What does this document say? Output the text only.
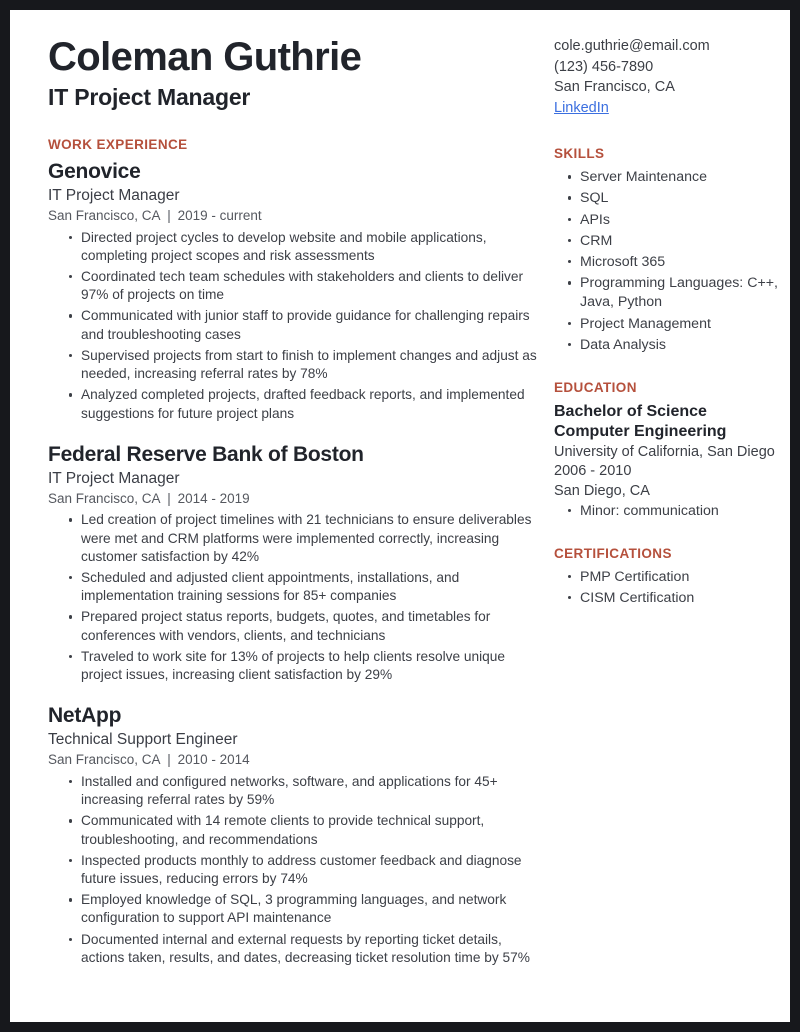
Coleman Guthrie
IT Project Manager
WORK EXPERIENCE
Genovice
IT Project Manager
San Francisco, CA | 2019 - current
Directed project cycles to develop website and mobile applications, completing project scopes and risk assessments
Coordinated tech team schedules with stakeholders and clients to deliver 97% of projects on time
Communicated with junior staff to provide guidance for challenging repairs and troubleshooting cases
Supervised projects from start to finish to implement changes and adjust as needed, increasing referral rates by 78%
Analyzed completed projects, drafted feedback reports, and implemented suggestions for future project plans
Federal Reserve Bank of Boston
IT Project Manager
San Francisco, CA | 2014 - 2019
Led creation of project timelines with 21 technicians to ensure deliverables were met and CRM platforms were implemented correctly, increasing customer satisfaction by 42%
Scheduled and adjusted client appointments, installations, and implementation training sessions for 85+ companies
Prepared project status reports, budgets, quotes, and timetables for conferences with vendors, clients, and technicians
Traveled to work site for 13% of projects to help clients resolve unique project issues, increasing client satisfaction by 29%
NetApp
Technical Support Engineer
San Francisco, CA | 2010 - 2014
Installed and configured networks, software, and applications for 45+ increasing referral rates by 59%
Communicated with 14 remote clients to provide technical support, troubleshooting, and recommendations
Inspected products monthly to address customer feedback and diagnose future issues, reducing errors by 74%
Employed knowledge of SQL, 3 programming languages, and network configuration to support API maintenance
Documented internal and external requests by reporting ticket details, actions taken, results, and dates, decreasing ticket resolution time by 57%
cole.guthrie@email.com
(123) 456-7890
San Francisco, CA
LinkedIn
SKILLS
Server Maintenance
SQL
APIs
CRM
Microsoft 365
Programming Languages: C++, Java, Python
Project Management
Data Analysis
EDUCATION
Bachelor of Science Computer Engineering
University of California, San Diego
2006 - 2010
San Diego, CA
Minor: communication
CERTIFICATIONS
PMP Certification
CISM Certification
